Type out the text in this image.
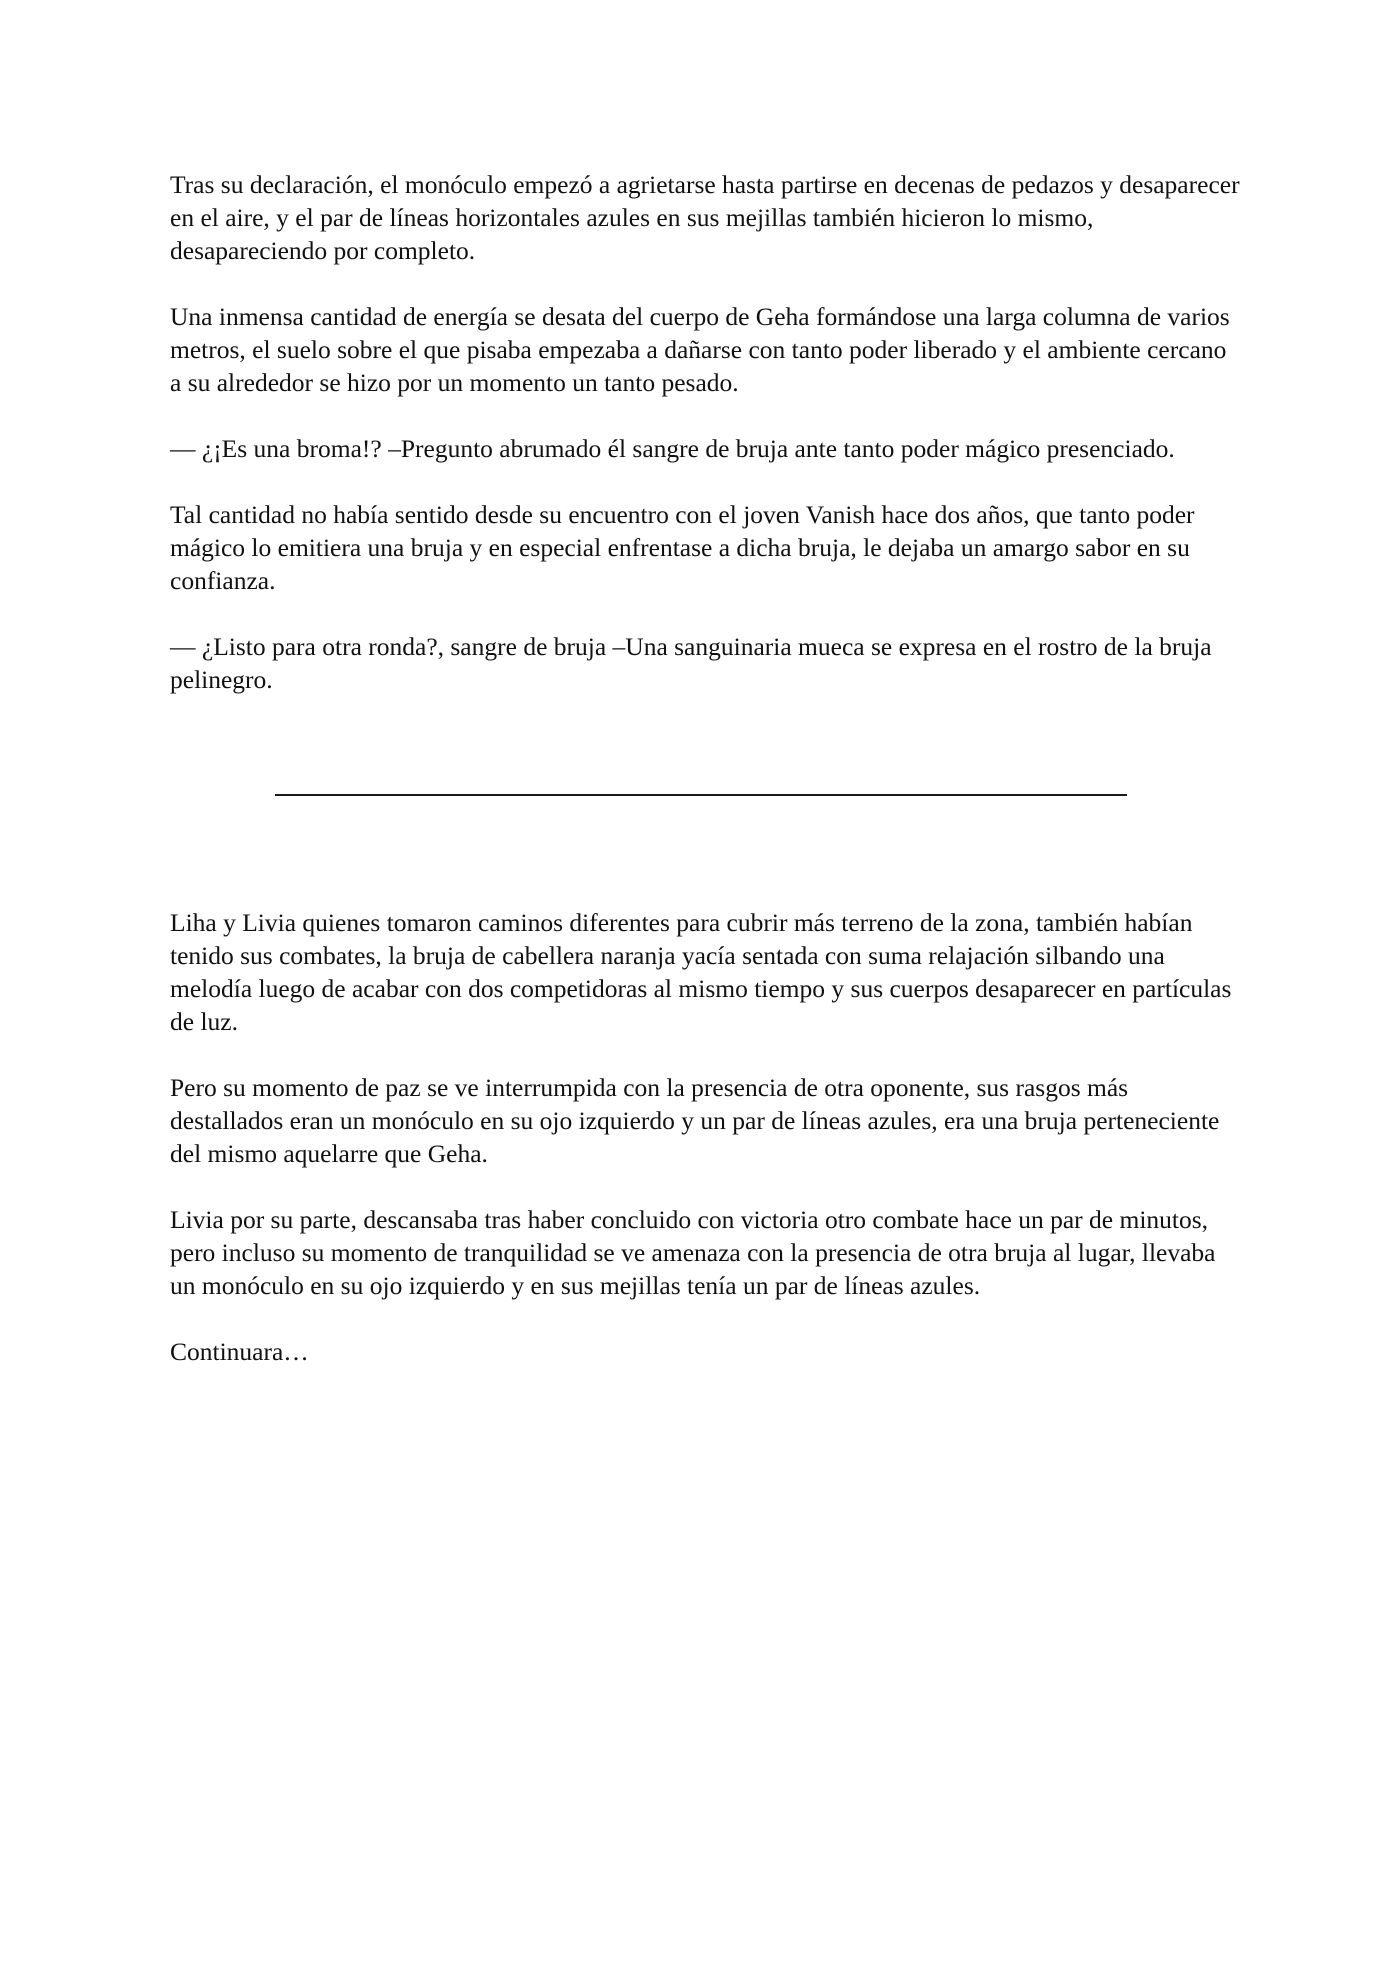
Tras su declaración, el monóculo empezó a agrietarse hasta partirse en decenas de pedazos y desaparecer en el aire, y el par de líneas horizontales azules en sus mejillas también hicieron lo mismo, desapareciendo por completo.

Una inmensa cantidad de energía se desata del cuerpo de Geha formándose una larga columna de varios metros, el suelo sobre el que pisaba empezaba a dañarse con tanto poder liberado y el ambiente cercano a su alrededor se hizo por un momento un tanto pesado.

— ¿¡Es una broma!? –Pregunto abrumado él sangre de bruja ante tanto poder mágico presenciado.

Tal cantidad no había sentido desde su encuentro con el joven Vanish hace dos años, que tanto poder mágico lo emitiera una bruja y en especial enfrentase a dicha bruja, le dejaba un amargo sabor en su confianza.

— ¿Listo para otra ronda?, sangre de bruja –Una sanguinaria mueca se expresa en el rostro de la bruja pelinegro.

Liha y Livia quienes tomaron caminos diferentes para cubrir más terreno de la zona, también habían tenido sus combates, la bruja de cabellera naranja yacía sentada con suma relajación silbando una melodía luego de acabar con dos competidoras al mismo tiempo y sus cuerpos desaparecer en partículas de luz.

Pero su momento de paz se ve interrumpida con la presencia de otra oponente, sus rasgos más destallados eran un monóculo en su ojo izquierdo y un par de líneas azules, era una bruja perteneciente del mismo aquelarre que Geha.

Livia por su parte, descansaba tras haber concluido con victoria otro combate hace un par de minutos, pero incluso su momento de tranquilidad se ve amenaza con la presencia de otra bruja al lugar, llevaba un monóculo en su ojo izquierdo y en sus mejillas tenía un par de líneas azules.

Continuara…
